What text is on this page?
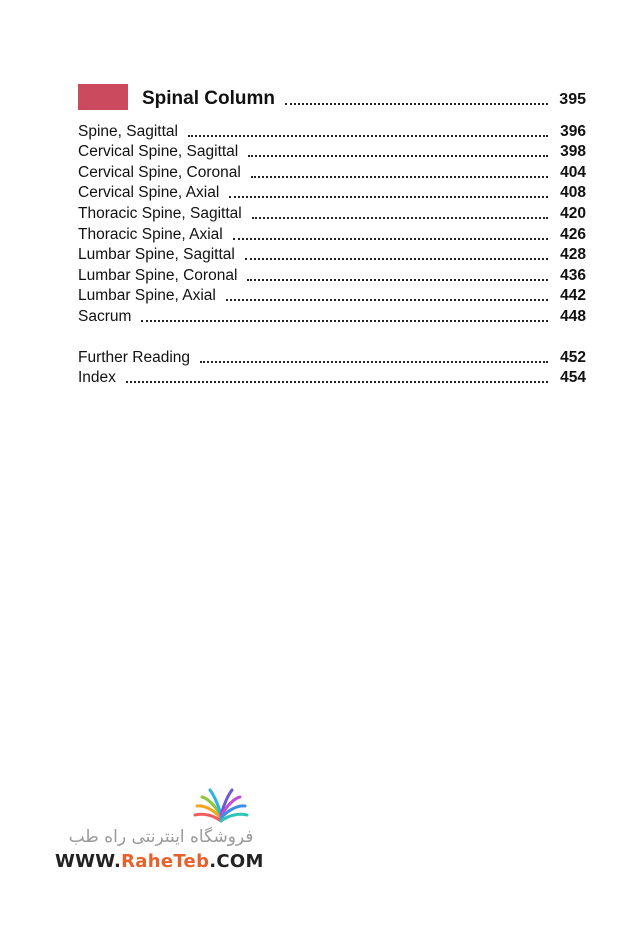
Spinal Column	395
Spine, Sagittal	396
Cervical Spine, Sagittal	398
Cervical Spine, Coronal	404
Cervical Spine, Axial	408
Thoracic Spine, Sagittal	420
Thoracic Spine, Axial	426
Lumbar Spine, Sagittal	428
Lumbar Spine, Coronal	436
Lumbar Spine, Axial	442
Sacrum	448
Further Reading	452
Index	454
فروشگاه اینترنتی راه طب
WWW.RaheTeb.COM
